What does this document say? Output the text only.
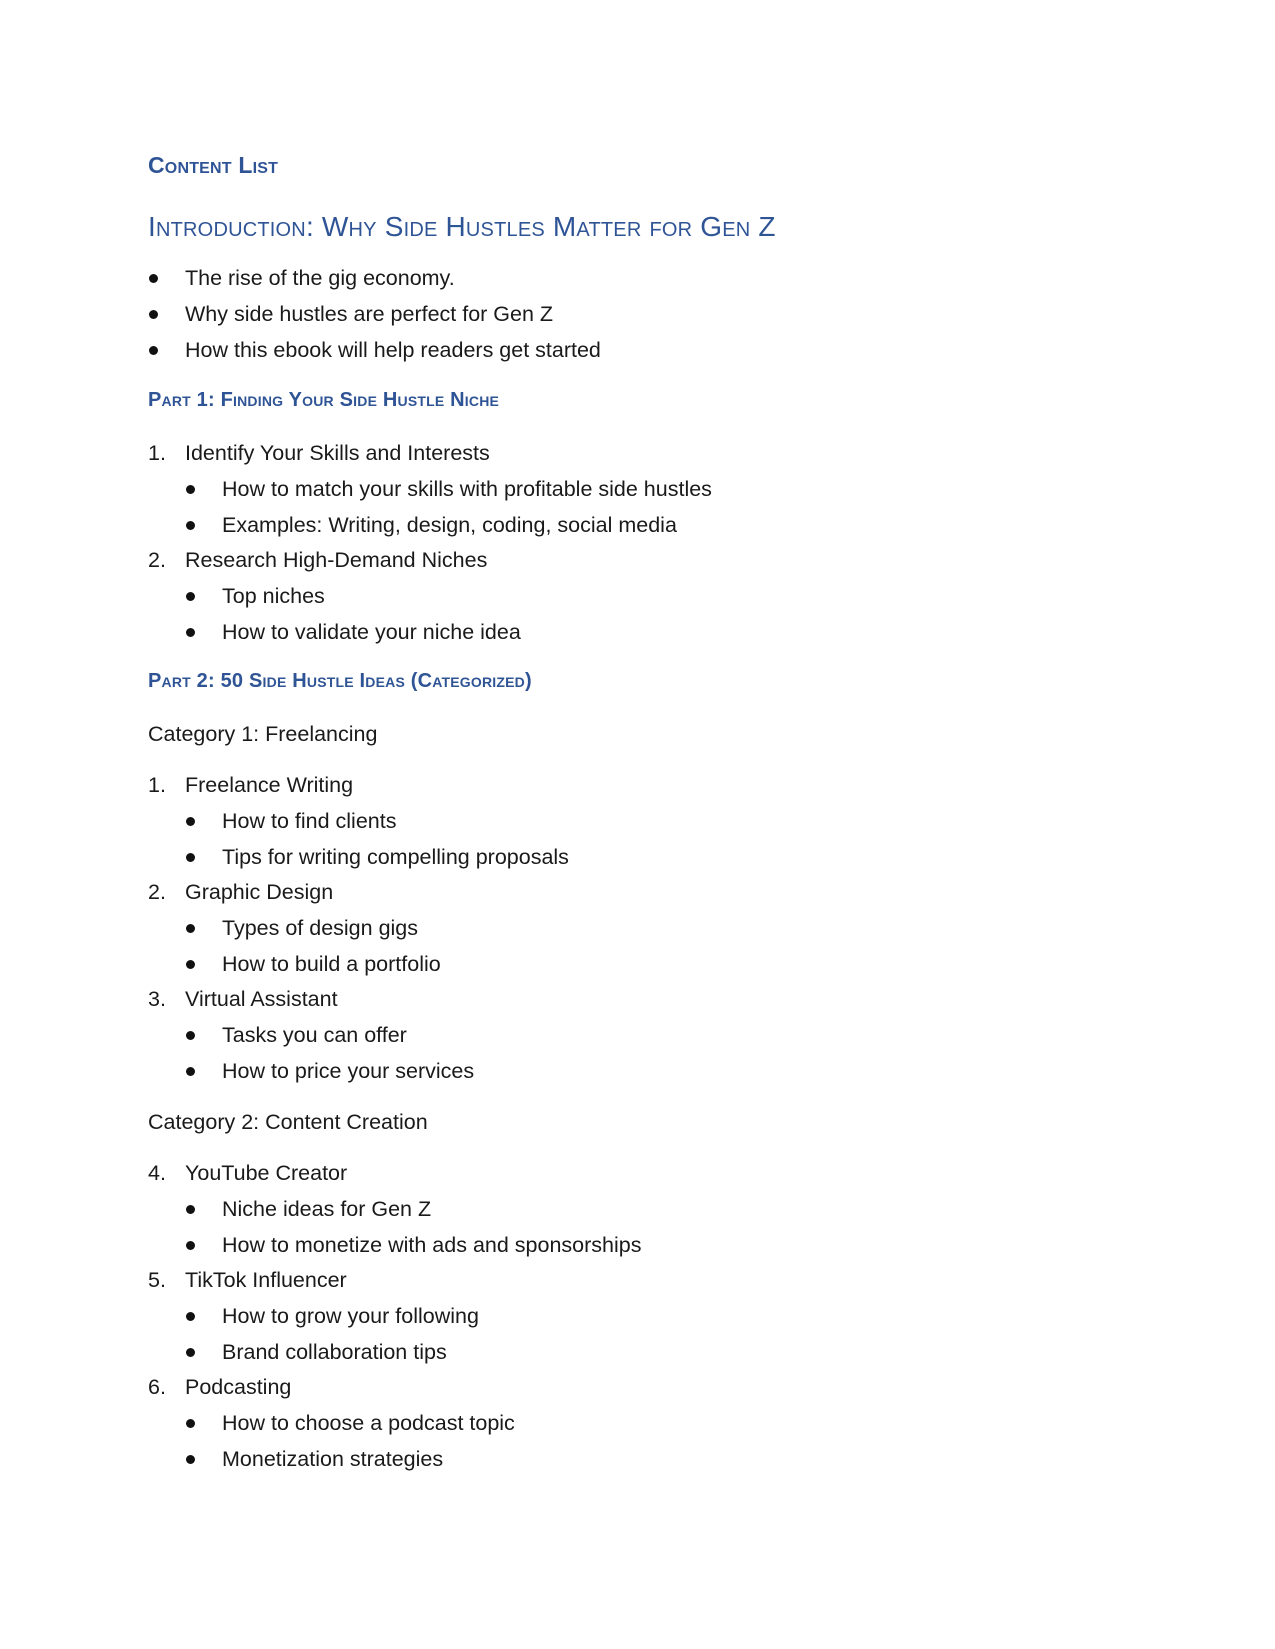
Content List
Introduction: Why Side Hustles Matter for Gen Z
The rise of the gig economy.
Why side hustles are perfect for Gen Z
How this ebook will help readers get started
Part 1: Finding Your Side Hustle Niche
1. Identify Your Skills and Interests
How to match your skills with profitable side hustles
Examples: Writing, design, coding, social media
2. Research High-Demand Niches
Top niches
How to validate your niche idea
Part 2: 50 Side Hustle Ideas (Categorized)
Category 1: Freelancing
1. Freelance Writing
How to find clients
Tips for writing compelling proposals
2. Graphic Design
Types of design gigs
How to build a portfolio
3. Virtual Assistant
Tasks you can offer
How to price your services
Category 2: Content Creation
4. YouTube Creator
Niche ideas for Gen Z
How to monetize with ads and sponsorships
5. TikTok Influencer
How to grow your following
Brand collaboration tips
6. Podcasting
How to choose a podcast topic
Monetization strategies
